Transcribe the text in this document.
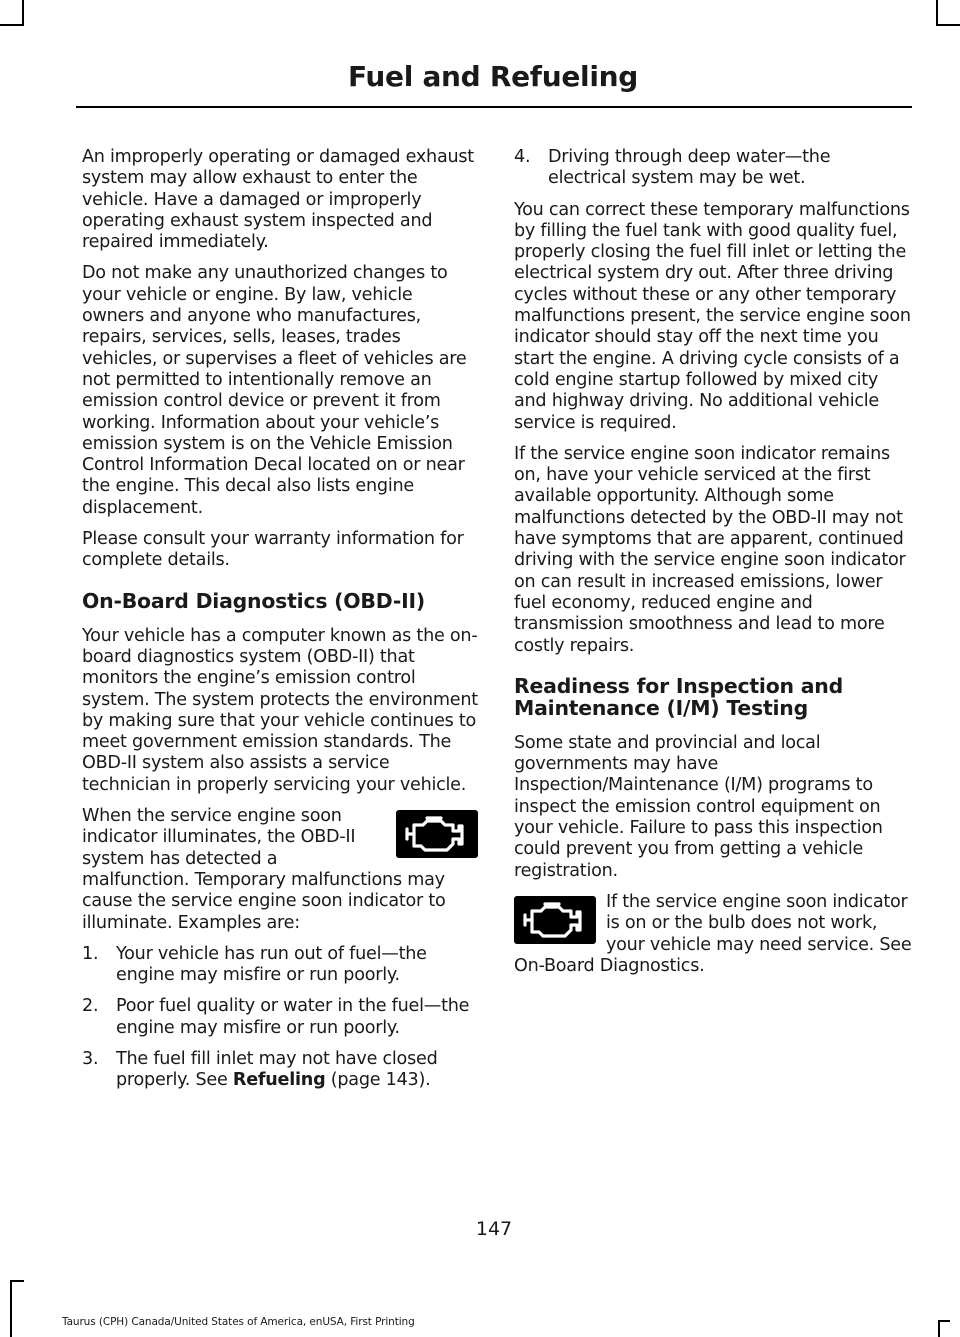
Fuel and Refueling

An improperly operating or damaged exhaust system may allow exhaust to enter the vehicle. Have a damaged or improperly operating exhaust system inspected and repaired immediately.

Do not make any unauthorized changes to your vehicle or engine. By law, vehicle owners and anyone who manufactures, repairs, services, sells, leases, trades vehicles, or supervises a fleet of vehicles are not permitted to intentionally remove an emission control device or prevent it from working. Information about your vehicle’s emission system is on the Vehicle Emission Control Information Decal located on or near the engine. This decal also lists engine displacement.

Please consult your warranty information for complete details.

On-Board Diagnostics (OBD-II)

Your vehicle has a computer known as the on-board diagnostics system (OBD-II) that monitors the engine’s emission control system. The system protects the environment by making sure that your vehicle continues to meet government emission standards. The OBD-II system also assists a service technician in properly servicing your vehicle.

When the service engine soon indicator illuminates, the OBD-II system has detected a malfunction. Temporary malfunctions may cause the service engine soon indicator to illuminate. Examples are:

1. Your vehicle has run out of fuel—the engine may misfire or run poorly.
2. Poor fuel quality or water in the fuel—the engine may misfire or run poorly.
3. The fuel fill inlet may not have closed properly. See Refueling (page 143).
4. Driving through deep water—the electrical system may be wet.

You can correct these temporary malfunctions by filling the fuel tank with good quality fuel, properly closing the fuel fill inlet or letting the electrical system dry out. After three driving cycles without these or any other temporary malfunctions present, the service engine soon indicator should stay off the next time you start the engine. A driving cycle consists of a cold engine startup followed by mixed city and highway driving. No additional vehicle service is required.

If the service engine soon indicator remains on, have your vehicle serviced at the first available opportunity. Although some malfunctions detected by the OBD-II may not have symptoms that are apparent, continued driving with the service engine soon indicator on can result in increased emissions, lower fuel economy, reduced engine and transmission smoothness and lead to more costly repairs.

Readiness for Inspection and
Maintenance (I/M) Testing

Some state and provincial and local governments may have Inspection/Maintenance (I/M) programs to inspect the emission control equipment on your vehicle. Failure to pass this inspection could prevent you from getting a vehicle registration.

If the service engine soon indicator is on or the bulb does not work, your vehicle may need service. See On-Board Diagnostics.

147
Taurus (CPH) Canada/United States of America, enUSA, First Printing
